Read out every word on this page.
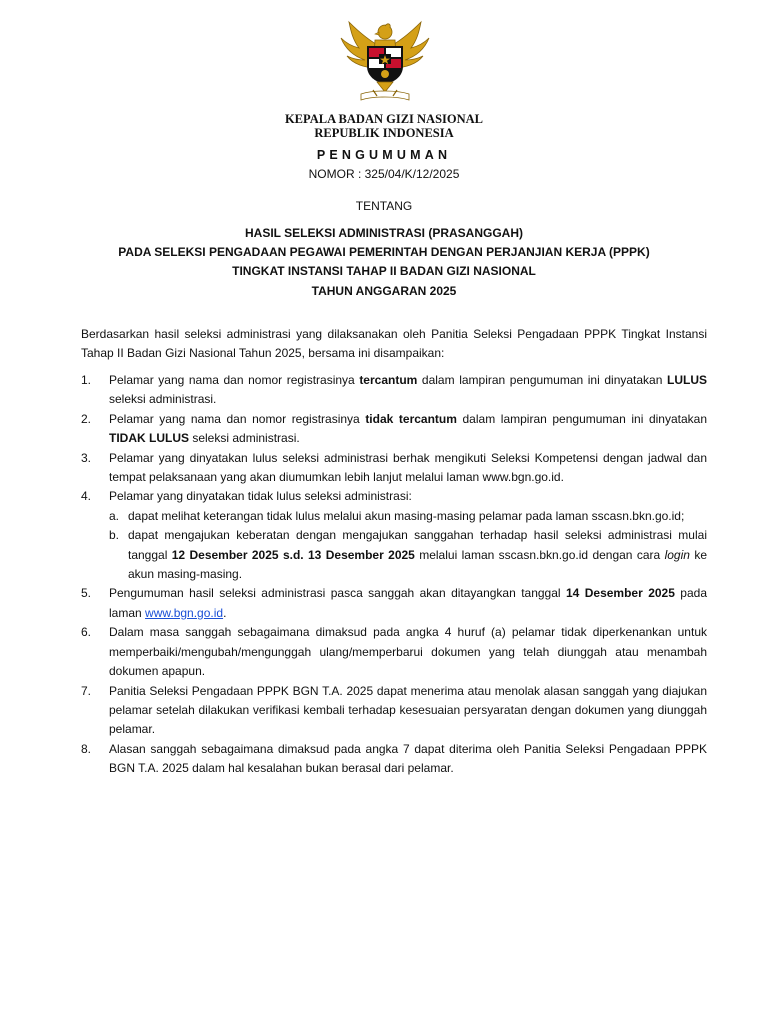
KEPALA BADAN GIZI NASIONAL
REPUBLIK INDONESIA
PENGUMUMAN
NOMOR : 325/04/K/12/2025
TENTANG
HASIL SELEKSI ADMINISTRASI (PRASANGGAH)
PADA SELEKSI PENGADAAN PEGAWAI PEMERINTAH DENGAN PERJANJIAN KERJA (PPPK)
TINGKAT INSTANSI TAHAP II BADAN GIZI NASIONAL
TAHUN ANGGARAN 2025
Berdasarkan hasil seleksi administrasi yang dilaksanakan oleh Panitia Seleksi Pengadaan PPPK Tingkat Instansi Tahap II Badan Gizi Nasional Tahun 2025, bersama ini disampaikan:
1. Pelamar yang nama dan nomor registrasinya tercantum dalam lampiran pengumuman ini dinyatakan LULUS seleksi administrasi.
2. Pelamar yang nama dan nomor registrasinya tidak tercantum dalam lampiran pengumuman ini dinyatakan TIDAK LULUS seleksi administrasi.
3. Pelamar yang dinyatakan lulus seleksi administrasi berhak mengikuti Seleksi Kompetensi dengan jadwal dan tempat pelaksanaan yang akan diumumkan lebih lanjut melalui laman www.bgn.go.id.
4. Pelamar yang dinyatakan tidak lulus seleksi administrasi:
a. dapat melihat keterangan tidak lulus melalui akun masing-masing pelamar pada laman sscasn.bkn.go.id;
b. dapat mengajukan keberatan dengan mengajukan sanggahan terhadap hasil seleksi administrasi mulai tanggal 12 Desember 2025 s.d. 13 Desember 2025 melalui laman sscasn.bkn.go.id dengan cara login ke akun masing-masing.
5. Pengumuman hasil seleksi administrasi pasca sanggah akan ditayangkan tanggal 14 Desember 2025 pada laman www.bgn.go.id.
6. Dalam masa sanggah sebagaimana dimaksud pada angka 4 huruf (a) pelamar tidak diperkenankan untuk memperbaiki/mengubah/mengunggah ulang/memperbarui dokumen yang telah diunggah atau menambah dokumen apapun.
7. Panitia Seleksi Pengadaan PPPK BGN T.A. 2025 dapat menerima atau menolak alasan sanggah yang diajukan pelamar setelah dilakukan verifikasi kembali terhadap kesesuaian persyaratan dengan dokumen yang diunggah pelamar.
8. Alasan sanggah sebagaimana dimaksud pada angka 7 dapat diterima oleh Panitia Seleksi Pengadaan PPPK BGN T.A. 2025 dalam hal kesalahan bukan berasal dari pelamar.
